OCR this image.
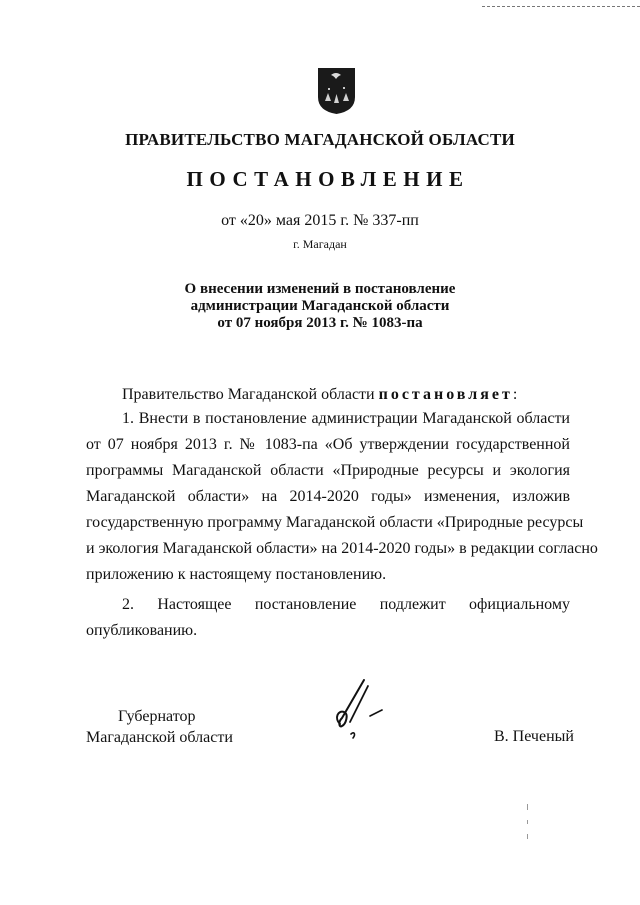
ПРАВИТЕЛЬСТВО МАГАДАНСКОЙ ОБЛАСТИ
ПОСТАНОВЛЕНИЕ
от «20» мая 2015 г. № 337-пп
г. Магадан
О внесении изменений в постановление
администрации Магаданской области
от 07 ноября 2013 г. № 1083-па
Правительство Магаданской области постановляет:
1. Внести в постановление администрации Магаданской области
от 07 ноября 2013 г. № 1083-па «Об утверждении государственной
программы Магаданской области «Природные ресурсы и экология
Магаданской области» на 2014-2020 годы» изменения, изложив
государственную программу Магаданской области «Природные ресурсы
и экология Магаданской области» на 2014-2020 годы» в редакции согласно
приложению к настоящему постановлению.
2. Настоящее постановление подлежит официальному
опубликованию.
Губернатор
Магаданской области	В. Печеный
